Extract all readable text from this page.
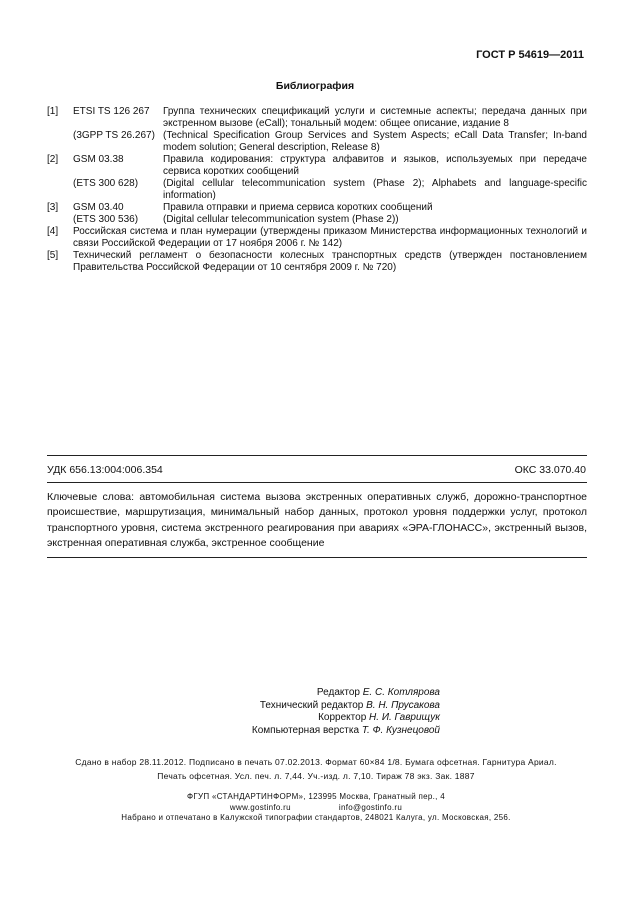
ГОСТ Р 54619—2011
Библиография
[1]	ETSI TS 126 267	Группа технических спецификаций услуги и системные аспекты; передача данных при экстренном вызове (eCall); тональный модем: общее описание, издание 8
	(3GPP TS 26.267)	(Technical Specification Group Services and System Aspects; eCall Data Transfer; In-band modem solution; General description, Release 8)
[2]	GSM 03.38	Правила кодирования: структура алфавитов и языков, используемых при передаче сервиса коротких сообщений
	(ETS 300 628)	(Digital cellular telecommunication system (Phase 2); Alphabets and language-specific information)
[3]	GSM 03.40	Правила отправки и приема сервиса коротких сообщений
	(ETS 300 536)	(Digital cellular telecommunication system (Phase 2))
[4]	Российская система и план нумерации (утверждены приказом Министерства информационных технологий и связи Российской Федерации от 17 ноября 2006 г. № 142)	
[5]	Технический регламент о безопасности колесных транспортных средств (утвержден постановлением Правительства Российской Федерации от 10 сентября 2009 г. № 720)	
УДК 656.13:004:006.354	ОКС 33.070.40
Ключевые слова: автомобильная система вызова экстренных оперативных служб, дорожно-транспортное происшествие, маршрутизация, минимальный набор данных, протокол уровня поддержки услуг, протокол транспортного уровня, система экстренного реагирования при авариях «ЭРА-ГЛОНАСС», экстренный вызов, экстренная оперативная служба, экстренное сообщение
Редактор Е. С. Котлярова
Технический редактор В. Н. Прусакова
Корректор Н. И. Гаврищук
Компьютерная верстка Т. Ф. Кузнецовой
Сдано в набор 28.11.2012. Подписано в печать 07.02.2013. Формат 60×84 1/8. Бумага офсетная. Гарнитура Ариал.
Печать офсетная. Усл. печ. л. 7,44. Уч.-изд. л. 7,10. Тираж 78 экз. Зак. 1887
ФГУП «СТАНДАРТИНФОРМ», 123995 Москва, Гранатный пер., 4
www.gostinfo.ru	info@gostinfo.ru
Набрано и отпечатано в Калужской типографии стандартов, 248021 Калуга, ул. Московская, 256.
